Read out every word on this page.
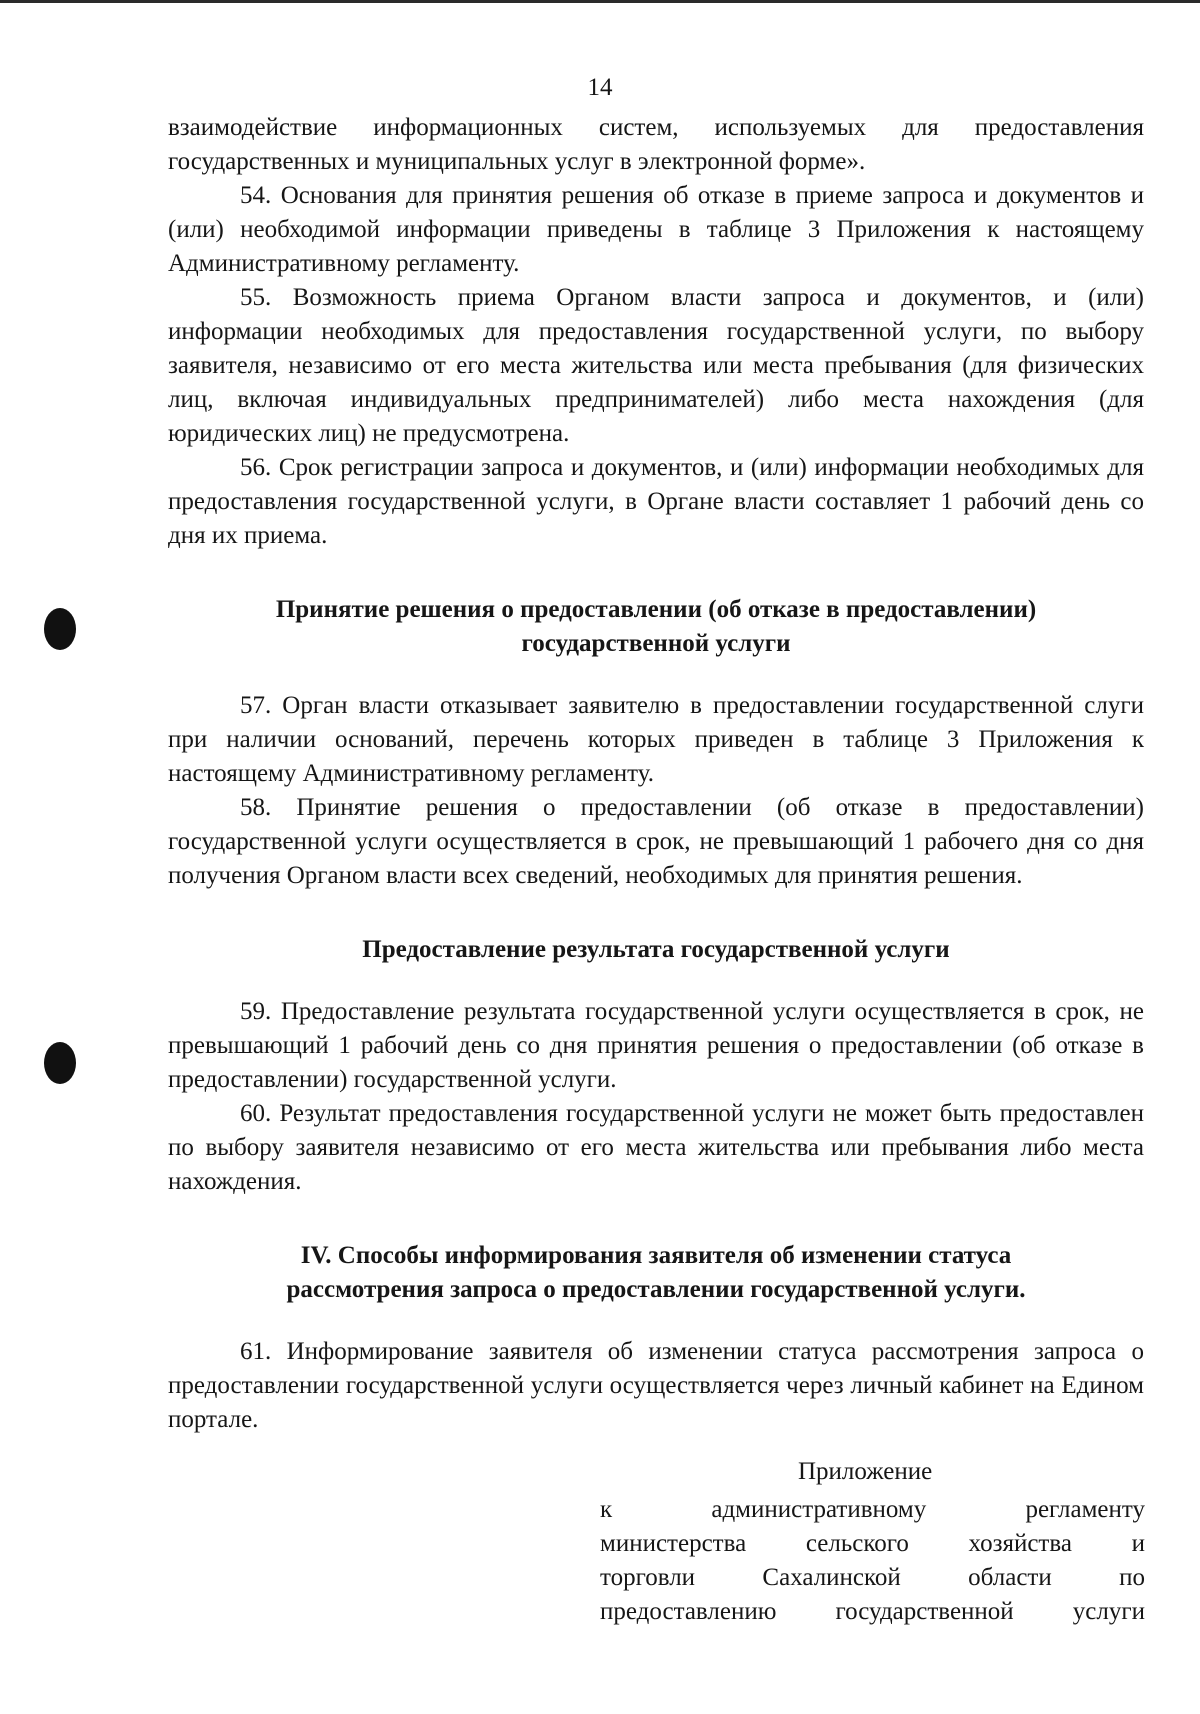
14

взаимодействие информационных систем, используемых для предоставления государственных и муниципальных услуг в электронной форме».

54. Основания для принятия решения об отказе в приеме запроса и документов и (или) необходимой информации приведены в таблице 3 Приложения к настоящему Административному регламенту.

55. Возможность приема Органом власти запроса и документов, и (или) информации необходимых для предоставления государственной услуги, по выбору заявителя, независимо от его места жительства или места пребывания (для физических лиц, включая индивидуальных предпринимателей) либо места нахождения (для юридических лиц) не предусмотрена.

56. Срок регистрации запроса и документов, и (или) информации необходимых для предоставления государственной услуги, в Органе власти составляет 1 рабочий день со дня их приема.

Принятие решения о предоставлении (об отказе в предоставлении)
государственной услуги

57. Орган власти отказывает заявителю в предоставлении государственной слуги при наличии оснований, перечень которых приведен в таблице 3 Приложения к настоящему Административному регламенту.

58. Принятие решения о предоставлении (об отказе в предоставлении) государственной услуги осуществляется в срок, не превышающий 1 рабочего дня со дня получения Органом власти всех сведений, необходимых для принятия решения.

Предоставление результата государственной услуги

59. Предоставление результата государственной услуги осуществляется в срок, не превышающий 1 рабочий день со дня принятия решения о предоставлении (об отказе в предоставлении) государственной услуги.

60. Результат предоставления государственной услуги не может быть предоставлен по выбору заявителя независимо от его места жительства или пребывания либо места нахождения.

IV. Способы информирования заявителя об изменении статуса
рассмотрения запроса о предоставлении государственной услуги.

61. Информирование заявителя об изменении статуса рассмотрения запроса о предоставлении государственной услуги осуществляется через личный кабинет на Едином портале.

Приложение
к административному регламенту
министерства сельского хозяйства и
торговли Сахалинской области по
предоставлению государственной услуги
